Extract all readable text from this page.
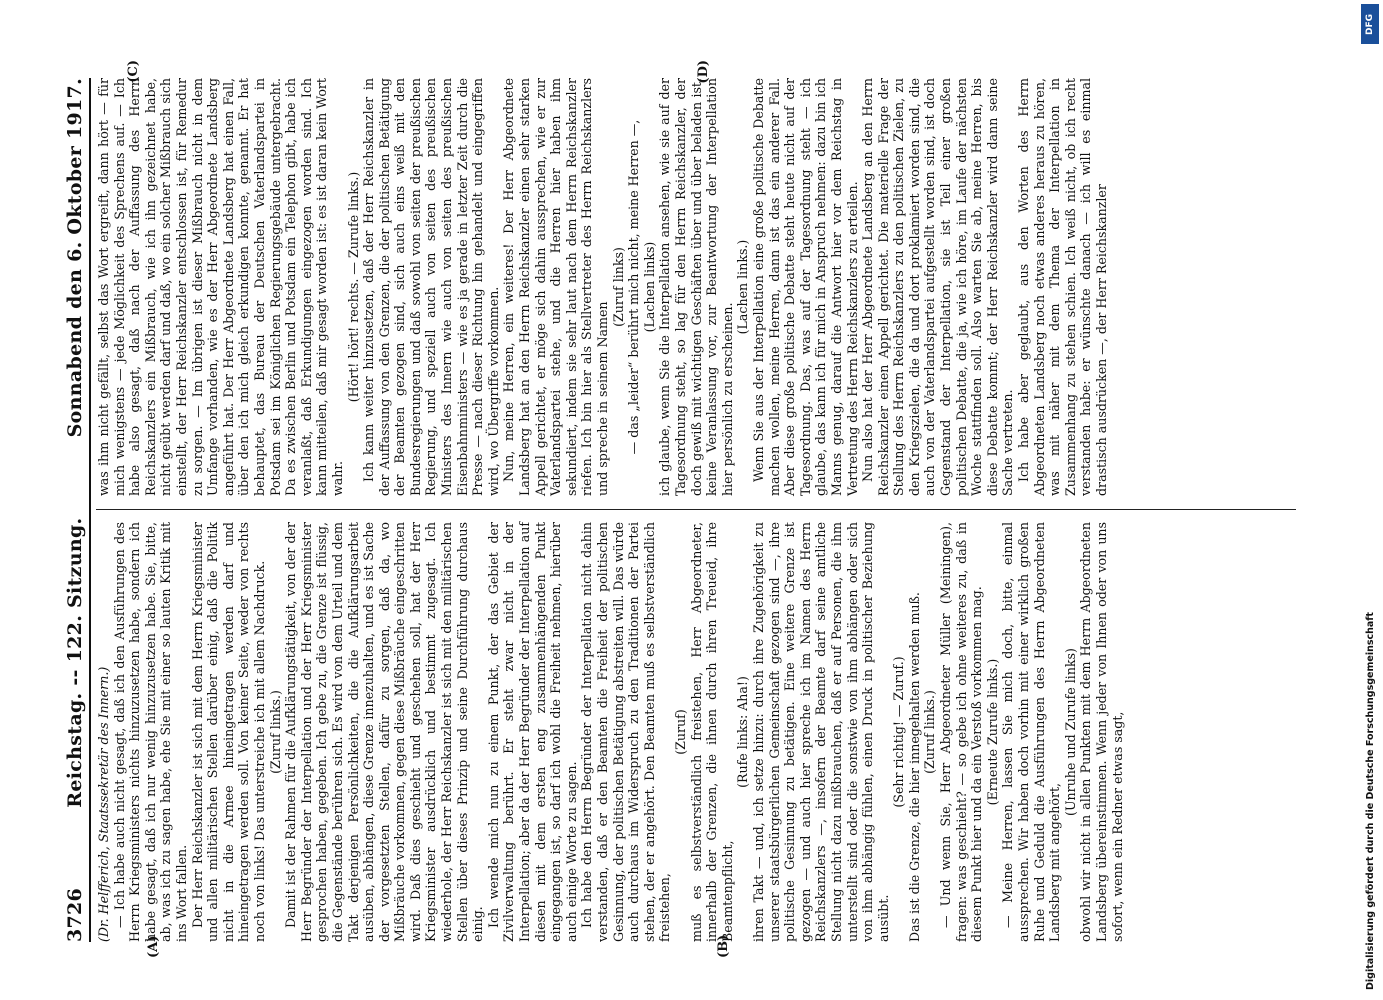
3726
Reichstag. -- 122. Sitzung.
Sonnabend den 6. Oktober 1917.
(A)	(B)
(C)	(D)

(Dr. Helfferich, Staatssekretär des Innern.) — Ich habe auch nicht gesagt, daß ich den Ausführungen des Herrn Kriegsministers nichts hinzuzusetzen habe, sondern ich habe gesagt, daß ich nur wenig hinzuzusetzen habe. Sie, bitte, ab, was ich zu sagen habe, ehe Sie mit einer so lauten Kritik mit ins Wort fallen. Der Herr Reichskanzler ist sich mit dem Herrn Kriegsminister und allen militärischen Stellen darüber einig, daß die Politik nicht in die Armee hineingetragen werden darf und hineingetragen werden soll. Von keiner Seite, weder von rechts noch von links! Das unterstreiche ich mit allem Nachdruck. (Zuruf links.) Damit ist der Rahmen für die Aufklärungstätigkeit, von der der Herr Begründer der Interpellation und der Herr Kriegsminister gesprochen haben, gegeben. Ich gebe zu, die Grenze ist flüssig, die Gegenstände berühren sich. Es wird von dem Urteil und dem Takt derjenigen Persönlichkeiten, die die Aufklärungsarbeit ausüben, abhängen, diese Grenze innezuhalten, und es ist Sache der vorgesetzten Stellen, dafür zu sorgen, daß da, wo Mißbräuche vorkommen, gegen diese Mißbräuche eingeschritten wird. Daß dies geschieht und geschehen soll, hat der Herr Kriegsminister ausdrücklich und bestimmt zugesagt. Ich wiederhole, der Herr Reichskanzler ist sich mit den militärischen Stellen über dieses Prinzip und seine Durchführung durchaus einig. Ich wende mich nun zu einem Punkt, der das Gebiet der Zivilverwaltung berührt. Er steht zwar nicht in der Interpellation; aber da der Herr Begründer der Interpellation auf diesen mit dem ersten eng zusammenhängenden Punkt eingegangen ist, so darf ich wohl die Freiheit nehmen, hierüber auch einige Worte zu sagen. Ich habe den Herrn Begründer der Interpellation nicht dahin verstanden, daß er den Beamten die Freiheit der politischen Gesinnung, der politischen Betätigung abstreiten will. Das würde auch durchaus im Widerspruch zu den Traditionen der Partei stehen, der er angehört. Den Beamten muß es selbstverständlich freistehen,

(Zuruf) muß es selbstverständlich freistehen, Herr Abgeordneter, innerhalb der Grenzen, die ihnen durch ihren Treueid, ihre Beamtenpflicht,

(Rufe links: Aha!) ihren Takt — und, ich setze hinzu: durch ihre Zugehörigkeit zu unserer staatsbürgerlichen Gemeinschaft gezogen sind —, ihre politische Gesinnung zu betätigen. Eine weitere Grenze ist gezogen — und auch hier spreche ich im Namen des Herrn Reichskanzlers —, insofern der Beamte darf seine amtliche Stellung nicht dazu mißbrauchen, daß er auf Personen, die ihm unterstellt sind oder die sonstwie von ihm abhängen oder sich von ihm abhängig fühlen, einen Druck in politischer Beziehung ausübt.

(Sehr richtig! — Zuruf.) Das ist die Grenze, die hier innegehalten werden muß. (Zuruf links.) — Und wenn Sie, Herr Abgeordneter Müller (Meiningen), fragen: was geschieht? — so gebe ich ohne weiteres zu, daß in diesem Punkt hier und da ein Verstoß vorkommen mag. (Erneute Zurufe links.) — Meine Herren, lassen Sie mich doch, bitte, einmal aussprechen. Wir haben doch vorhin mit einer wirklich großen Ruhe und Geduld die Ausführungen des Herrn Abgeordneten Landsberg mit angehört,

(Unruhe und Zurufe links) obwohl wir nicht in allen Punkten mit dem Herrn Abgeordneten Landsberg übereinstimmen. Wenn jeder von Ihnen oder von uns sofort, wenn ein Redner etwas sagt,

was ihm nicht gefällt, selbst das Wort ergreift, dann hört — für mich wenigstens — jede Möglichkeit des Sprechens auf. — Ich habe also gesagt, daß nach der Auffassung des Herrn Reichskanzlers ein Mißbrauch, wie ich ihn gezeichnet habe, nicht geübt werden darf und daß, wo ein solcher Mißbrauch sich einstellt, der Herr Reichskanzler entschlossen ist, für Remedur zu sorgen. — Im übrigen ist dieser Mißbrauch nicht in dem Umfange vorhanden, wie es der Herr Abgeordnete Landsberg angeführt hat. Der Herr Abgeordnete Landsberg hat einen Fall, über den ich mich gleich erkundigen konnte, genannt. Er hat behauptet, das Bureau der Deutschen Vaterlandspartei in Potsdam sei im Königlichen Regierungsgebäude untergebracht. Da es zwischen Berlin und Potsdam ein Telephon gibt, habe ich veranlaßt, daß Erkundigungen eingezogen worden sind. Ich kann mitteilen, daß mir gesagt worden ist: es ist daran kein Wort wahr.

(Hört! hört! rechts. — Zurufe links.) Ich kann weiter hinzusetzen, daß der Herr Reichskanzler in der Auffassung von den Grenzen, die der politischen Betätigung der Beamten gezogen sind, sich auch eins weiß mit den Bundesregierungen und daß sowohl von seiten der preußischen Regierung, und speziell auch von seiten des preußischen Ministers des Innern wie auch von seiten des preußischen Eisenbahnministers — wie es ja gerade in letzter Zeit durch die Presse — nach dieser Richtung hin gehandelt und eingegriffen wird, wo Übergriffe vorkommen. Nun, meine Herren, ein weiteres! Der Herr Abgeordnete Landsberg hat an den Herrn Reichskanzler einen sehr starken Appell gerichtet, er möge sich dahin aussprechen, wie er zur Vaterlandspartei stehe, und die Herren hier haben ihm sekundiert, indem sie sehr laut nach dem Herrn Reichskanzler riefen. Ich bin hier als Stellvertreter des Herrn Reichskanzlers und spreche in seinem Namen

(Zuruf links) — das „leider“ berührt mich nicht, meine Herren —, (Lachen links) ich glaube, wenn Sie die Interpellation ansehen, wie sie auf der Tagesordnung steht, so lag für den Herrn Reichskanzler, der doch gewiß mit wichtigen Geschäften über und über beladen ist, keine Veranlassung vor, zur Beantwortung der Interpellation hier persönlich zu erscheinen.

(Lachen links.) Wenn Sie aus der Interpellation eine große politische Debatte machen wollen, meine Herren, dann ist das ein anderer Fall. Aber diese große politische Debatte steht heute nicht auf der Tagesordnung. Das, was auf der Tagesordnung steht — ich glaube, das kann ich für mich in Anspruch nehmen: dazu bin ich Manns genug, darauf die Antwort hier vor dem Reichstag in Vertretung des Herrn Reichskanzlers zu erteilen. Nun also hat der Herr Abgeordnete Landsberg an den Herrn Reichskanzler einen Appell gerichtet. Die materielle Frage der Stellung des Herrn Reichskanzlers zu den politischen Zielen, zu den Kriegszielen, die da und dort proklamiert worden sind, die auch von der Vaterlandspartei aufgestellt worden sind, ist doch Gegenstand der Interpellation, sie ist Teil einer großen politischen Debatte, die ja, wie ich höre, im Laufe der nächsten Woche stattfinden soll. Also warten Sie ab, meine Herren, bis diese Debatte kommt; der Herr Reichskanzler wird dann seine Sache vertreten. Ich habe aber geglaubt, aus den Worten des Herrn Abgeordneten Landsberg noch etwas anderes heraus zu hören, was mit näher mit dem Thema der Interpellation in Zusammenhang zu stehen schien. Ich weiß nicht, ob ich recht verstanden habe: er wünschte danach — ich will es einmal drastisch ausdrücken —, der Herr Reichskanzler

DFG
Digitalisierung gefördert durch die Deutsche Forschungsgemeinschaft
